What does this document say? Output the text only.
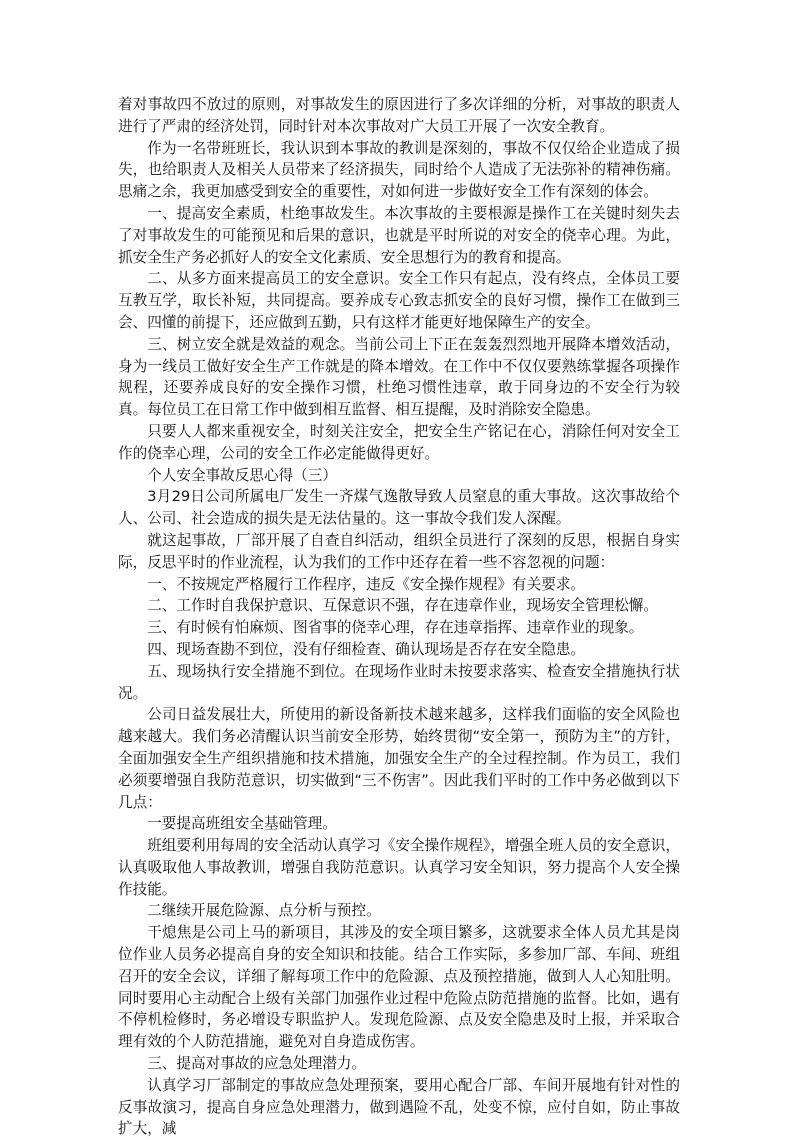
着对事故四不放过的原则，对事故发生的原因进行了多次详细的分析，对事故的职责人进行了严肃的经济处罚，同时针对本次事故对广大员工开展了一次安全教育。

作为一名带班班长，我认识到本事故的教训是深刻的，事故不仅仅给企业造成了损失，也给职责人及相关人员带来了经济损失，同时给个人造成了无法弥补的精神伤痛。思痛之余，我更加感受到安全的重要性，对如何进一步做好安全工作有深刻的体会。

一、提高安全素质，杜绝事故发生。本次事故的主要根源是操作工在关键时刻失去了对事故发生的可能预见和后果的意识，也就是平时所说的对安全的侥幸心理。为此，抓安全生产务必抓好人的安全文化素质、安全思想行为的教育和提高。

二、从多方面来提高员工的安全意识。安全工作只有起点，没有终点，全体员工要互教互学，取长补短，共同提高。要养成专心致志抓安全的良好习惯，操作工在做到三会、四懂的前提下，还应做到五勤，只有这样才能更好地保障生产的安全。

三、树立安全就是效益的观念。当前公司上下正在轰轰烈烈地开展降本增效活动，身为一线员工做好安全生产工作就是的降本增效。在工作中不仅仅要熟练掌握各项操作规程，还要养成良好的安全操作习惯，杜绝习惯性违章，敢于同身边的不安全行为较真。每位员工在日常工作中做到相互监督、相互提醒，及时消除安全隐患。

只要人人都来重视安全，时刻关注安全，把安全生产铭记在心，消除任何对安全工作的侥幸心理，公司的安全工作必定能做得更好。

个人安全事故反思心得（三）

3月29日公司所属电厂发生一齐煤气逸散导致人员窒息的重大事故。这次事故给个人、公司、社会造成的损失是无法估量的。这一事故令我们发人深醒。

就这起事故，厂部开展了自查自纠活动，组织全员进行了深刻的反思，根据自身实际，反思平时的作业流程，认为我们的工作中还存在着一些不容忽视的问题：

一、不按规定严格履行工作程序，违反《安全操作规程》有关要求。

二、工作时自我保护意识、互保意识不强，存在违章作业，现场安全管理松懈。

三、有时候有怕麻烦、图省事的侥幸心理，存在违章指挥、违章作业的现象。

四、现场查勘不到位，没有仔细检查、确认现场是否存在安全隐患。

五、现场执行安全措施不到位。在现场作业时未按要求落实、检查安全措施执行状况。

公司日益发展壮大，所使用的新设备新技术越来越多，这样我们面临的安全风险也越来越大。我们务必清醒认识当前安全形势，始终贯彻“安全第一，预防为主”的方针，全面加强安全生产组织措施和技术措施，加强安全生产的全过程控制。作为员工，我们必须要增强自我防范意识，切实做到“三不伤害”。因此我们平时的工作中务必做到以下几点：

一要提高班组安全基础管理。

班组要利用每周的安全活动认真学习《安全操作规程》，增强全班人员的安全意识，认真吸取他人事故教训，增强自我防范意识。认真学习安全知识，努力提高个人安全操作技能。

二继续开展危险源、点分析与预控。

干熄焦是公司上马的新项目，其涉及的安全项目繁多，这就要求全体人员尤其是岗位作业人员务必提高自身的安全知识和技能。结合工作实际，多参加厂部、车间、班组召开的安全会议，详细了解每项工作中的危险源、点及预控措施，做到人人心知肚明。同时要用心主动配合上级有关部门加强作业过程中危险点防范措施的监督。比如，遇有不停机检修时，务必增设专职监护人。发现危险源、点及安全隐患及时上报，并采取合理有效的个人防范措施，避免对自身造成伤害。

三、提高对事故的应急处理潜力。

认真学习厂部制定的事故应急处理预案，要用心配合厂部、车间开展地有针对性的反事故演习，提高自身应急处理潜力，做到遇险不乱，处变不惊，应付自如，防止事故扩大，减
